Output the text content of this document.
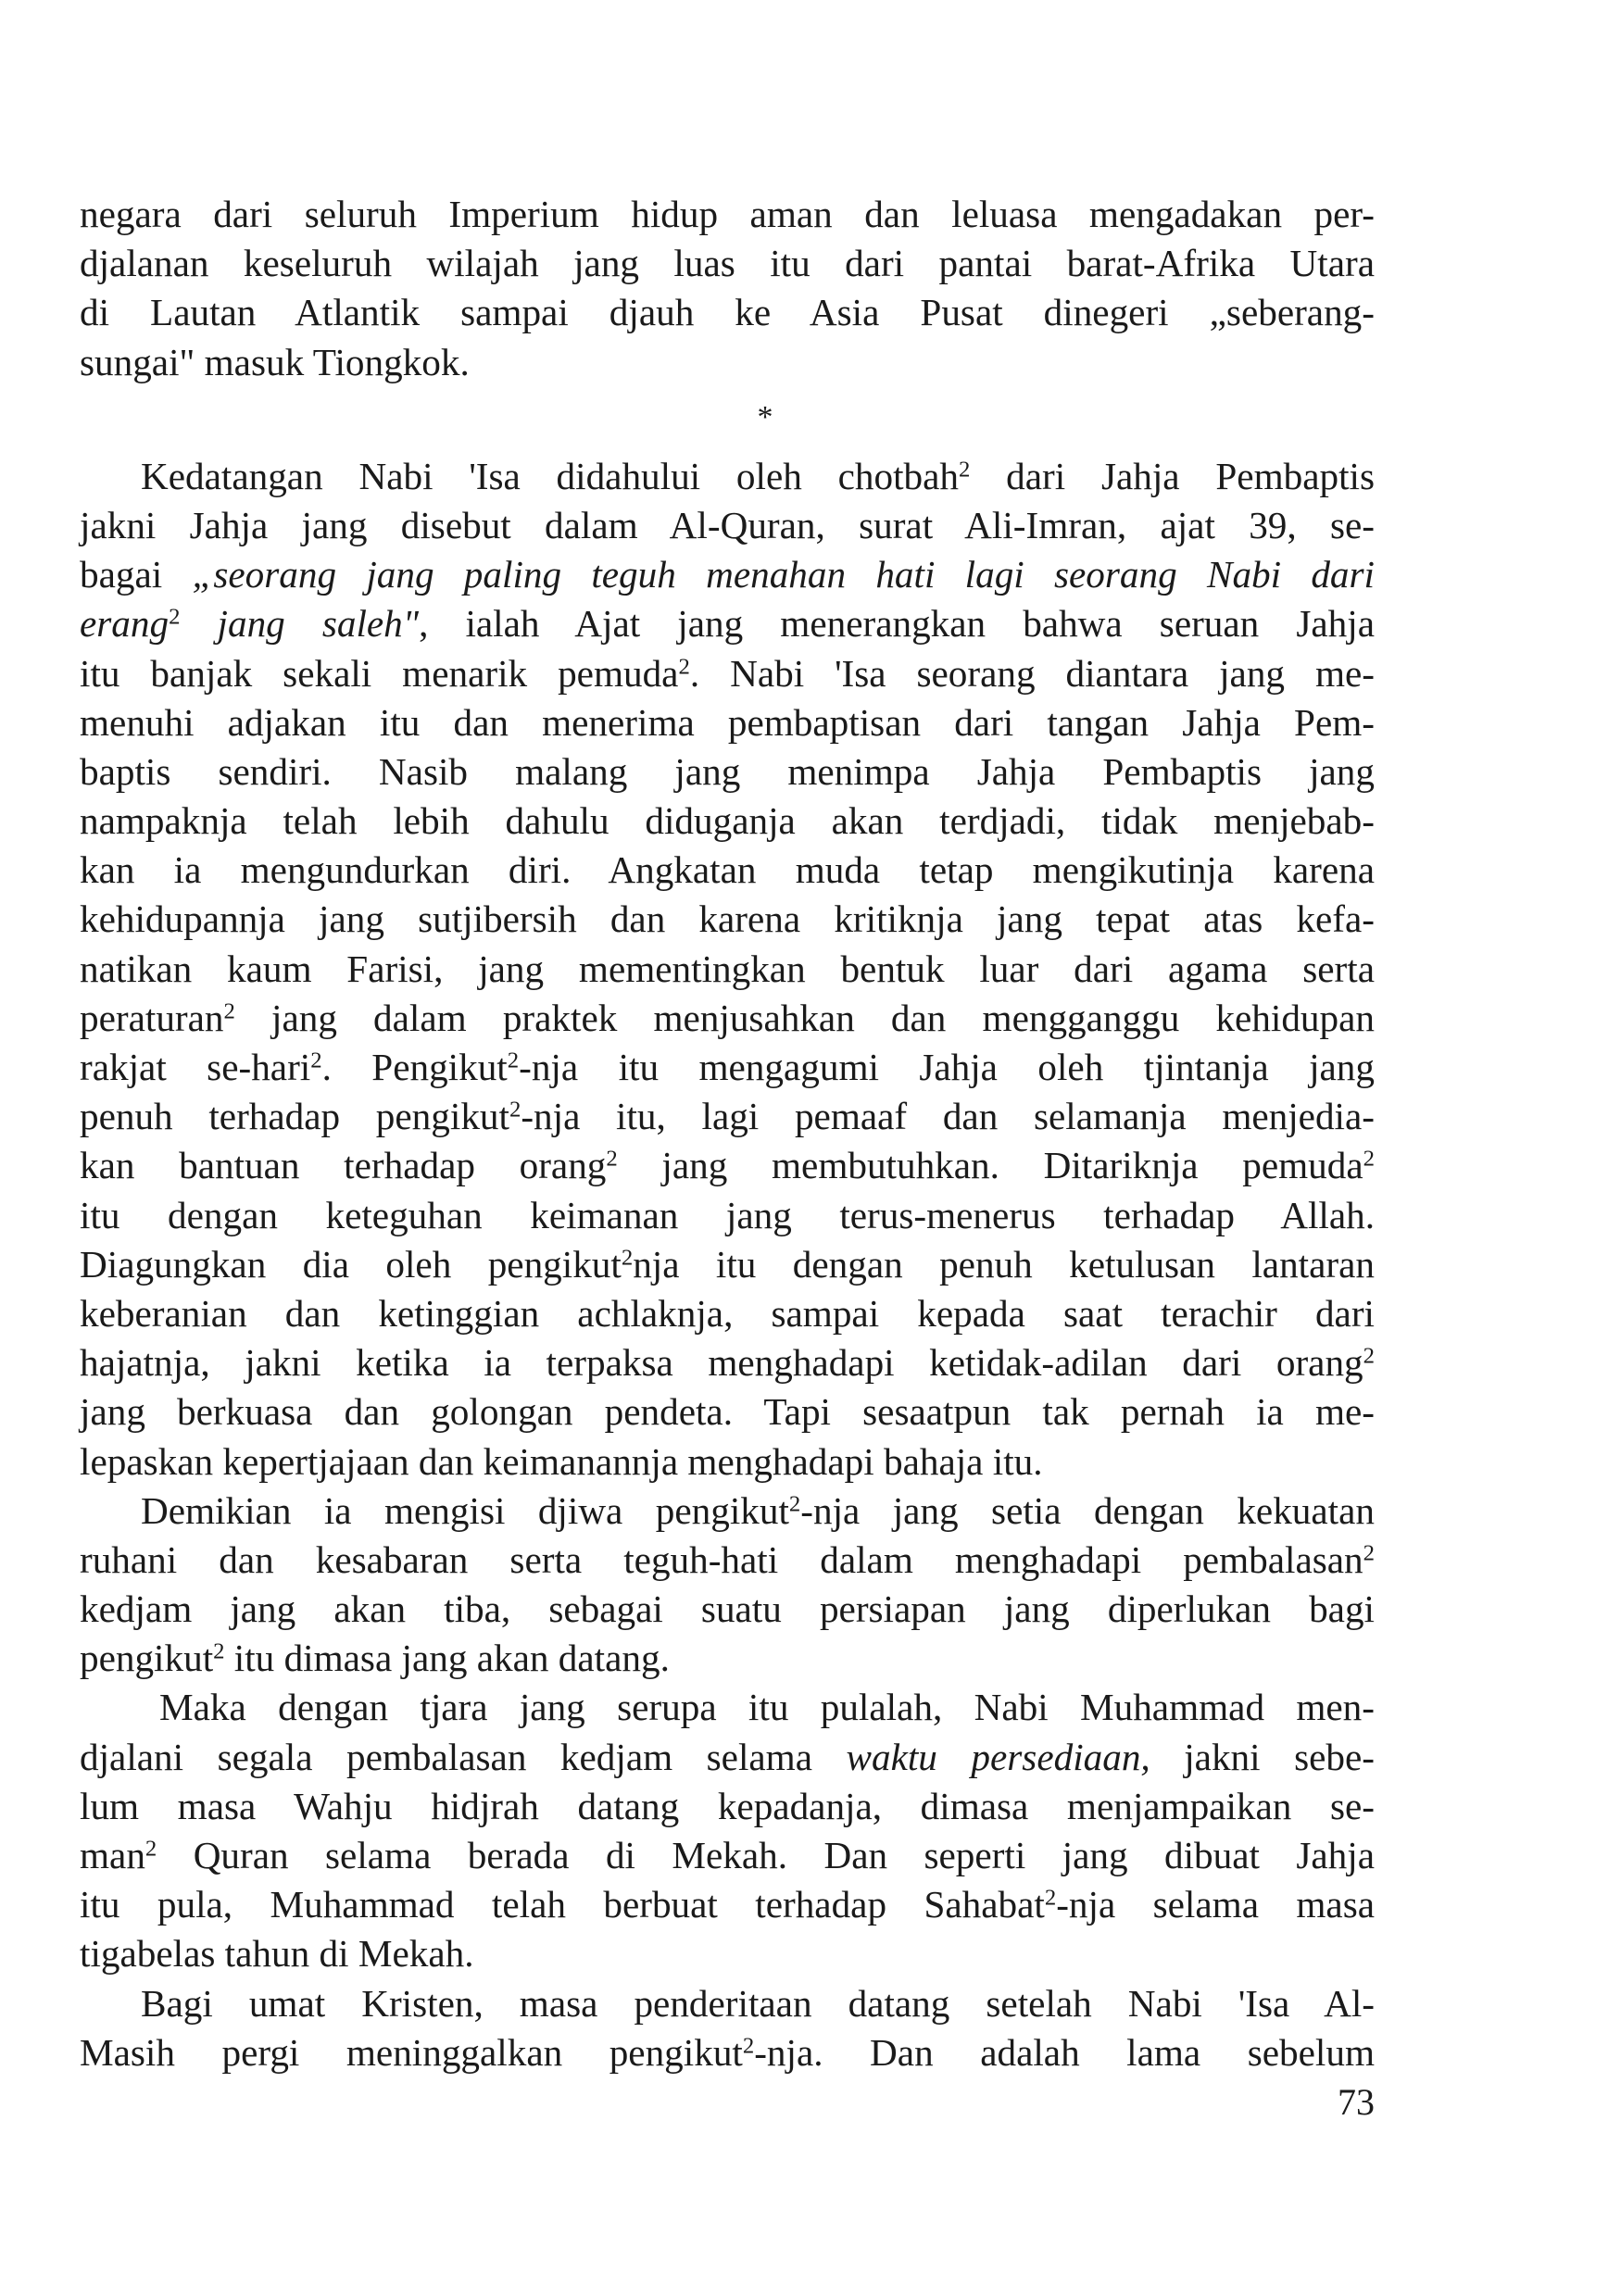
negara dari seluruh Imperium hidup aman dan leluasa mengadakan per-
djalanan keseluruh wilajah jang luas itu dari pantai barat-Afrika Utara
di Lautan Atlantik sampai djauh ke Asia Pusat dinegeri „seberang-
sungai" masuk Tiongkok.

*

Kedatangan Nabi 'Isa didahului oleh chotbah$^2$ dari Jahja Pembaptis
jakni Jahja jang disebut dalam Al-Quran, surat Ali-Imran, ajat 39, se-
bagai „seorang jang paling teguh menahan hati lagi seorang Nabi dari
erang$^2$ jang saleh", ialah Ajat jang menerangkan bahwa seruan Jahja
itu banjak sekali menarik pemuda$^2$. Nabi 'Isa seorang diantara jang me-
menuhi adjakan itu dan menerima pembaptisan dari tangan Jahja Pem-
baptis sendiri. Nasib malang jang menimpa Jahja Pembaptis jang
nampaknja telah lebih dahulu diduganja akan terdjadi, tidak menjebab-
kan ia mengundurkan diri. Angkatan muda tetap mengikutinja karena
kehidupannja jang sutjibersih dan karena kritiknja jang tepat atas kefa-
natikan kaum Farisi, jang mementingkan bentuk luar dari agama serta
peraturan$^2$ jang dalam praktek menjusahkan dan mengganggu kehidupan
rakjat se-hari$^2$. Pengikut$^2$-nja itu mengagumi Jahja oleh tjintanja jang
penuh terhadap pengikut$^2$-nja itu, lagi pemaaf dan selamanja menjedia-
kan bantuan terhadap orang$^2$ jang membutuhkan. Ditariknja pemuda$^2$
itu dengan keteguhan keimanan jang terus-menerus terhadap Allah.
Diagungkan dia oleh pengikut$^2$nja itu dengan penuh ketulusan lantaran
keberanian dan ketinggian achlaknja, sampai kepada saat terachir dari
hajatnja, jakni ketika ia terpaksa menghadapi ketidak-adilan dari orang$^2$
jang berkuasa dan golongan pendeta. Tapi sesaatpun tak pernah ia me-
lepaskan kepertjajaan dan keimanannja menghadapi bahaja itu.

Demikian ia mengisi djiwa pengikut$^2$-nja jang setia dengan kekuatan
ruhani dan kesabaran serta teguh-hati dalam menghadapi pembalasan$^2$
kedjam jang akan tiba, sebagai suatu persiapan jang diperlukan bagi
pengikut$^2$ itu dimasa jang akan datang.

Maka dengan tjara jang serupa itu pulalah, Nabi Muhammad men-
djalani segala pembalasan kedjam selama waktu persediaan, jakni sebe-
lum masa Wahju hidjrah datang kepadanja, dimasa menjampaikan se-
man$^2$ Quran selama berada di Mekah. Dan seperti jang dibuat Jahja
itu pula, Muhammad telah berbuat terhadap Sahabat$^2$-nja selama masa
tigabelas tahun di Mekah.

Bagi umat Kristen, masa penderitaan datang setelah Nabi 'Isa Al-
Masih pergi meninggalkan pengikut$^2$-nja. Dan adalah lama sebelum

73
